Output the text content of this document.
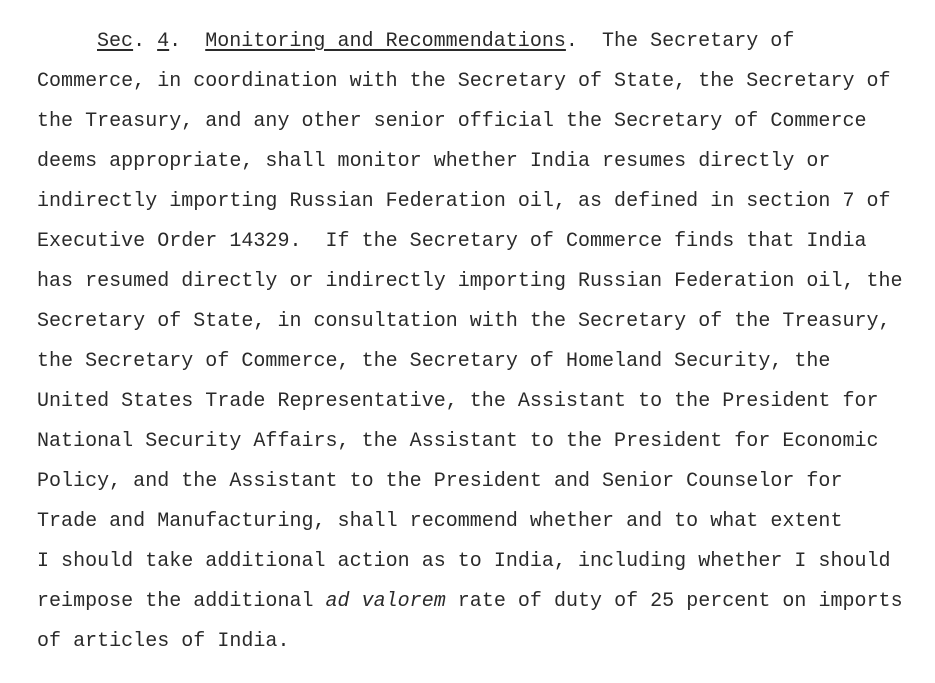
Sec. 4.  Monitoring and Recommendations.  The Secretary of
Commerce, in coordination with the Secretary of State, the Secretary of
the Treasury, and any other senior official the Secretary of Commerce
deems appropriate, shall monitor whether India resumes directly or
indirectly importing Russian Federation oil, as defined in section 7 of
Executive Order 14329.  If the Secretary of Commerce finds that India
has resumed directly or indirectly importing Russian Federation oil, the
Secretary of State, in consultation with the Secretary of the Treasury,
the Secretary of Commerce, the Secretary of Homeland Security, the
United States Trade Representative, the Assistant to the President for
National Security Affairs, the Assistant to the President for Economic
Policy, and the Assistant to the President and Senior Counselor for
Trade and Manufacturing, shall recommend whether and to what extent
I should take additional action as to India, including whether I should
reimpose the additional ad valorem rate of duty of 25 percent on imports
of articles of India.
